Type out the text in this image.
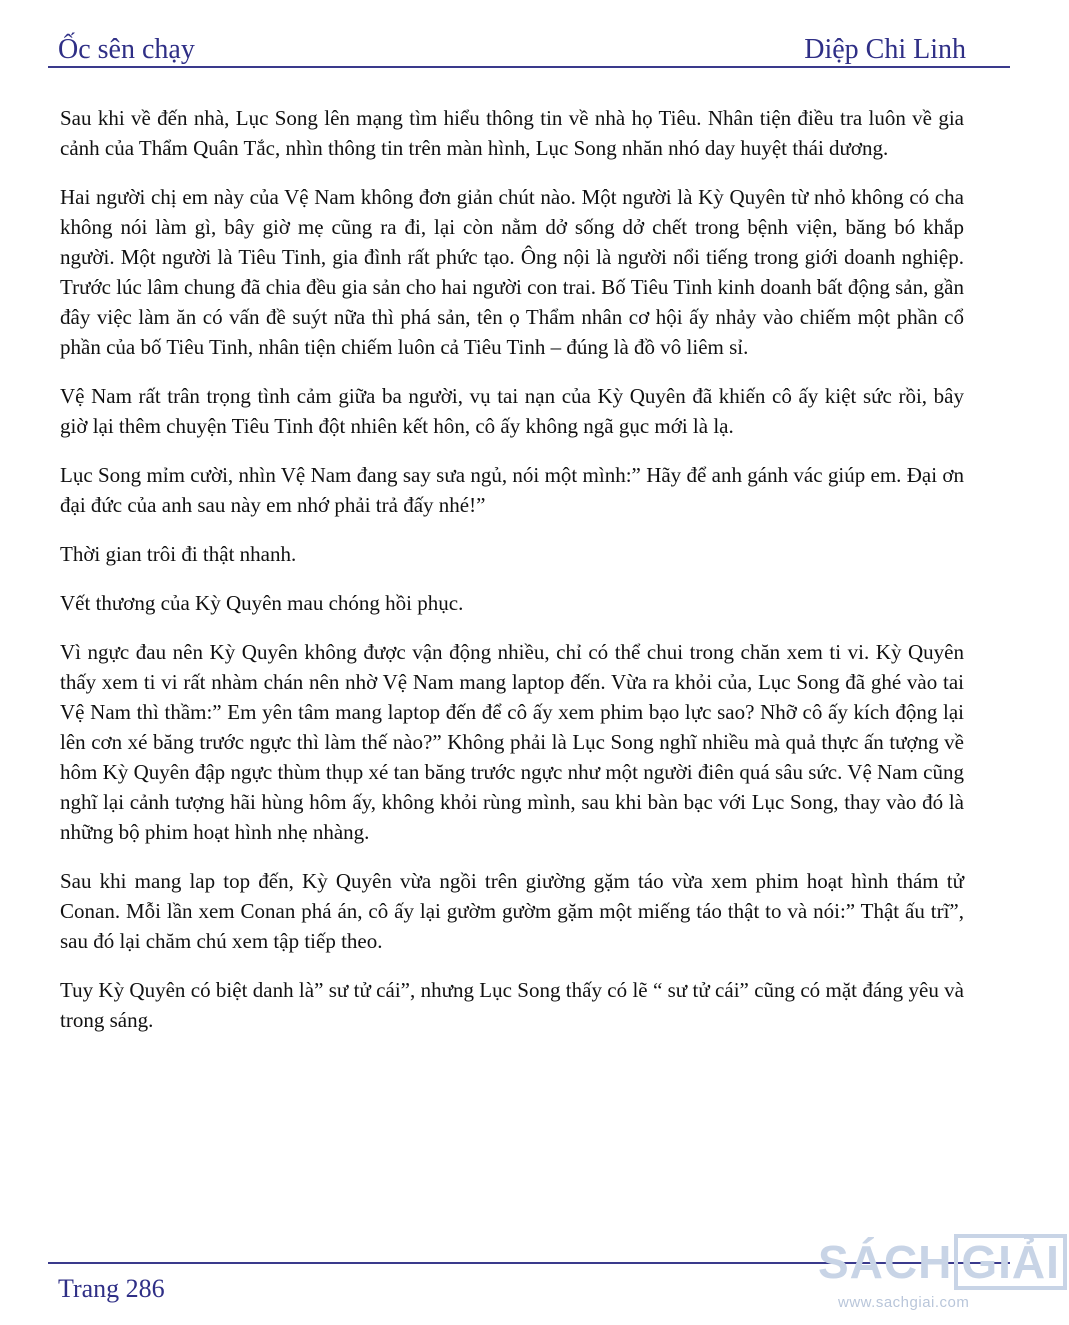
Ốc sên chạy	Diệp Chi Linh

Sau khi về đến nhà, Lục Song lên mạng tìm hiểu thông tin về nhà họ Tiêu. Nhân tiện điều tra luôn về gia cảnh của Thẩm Quân Tắc, nhìn thông tin trên màn hình, Lục Song nhăn nhó day huyệt thái dương.

Hai người chị em này của Vệ Nam không đơn giản chút nào. Một người là Kỳ Quyên từ nhỏ không có cha không nói làm gì, bây giờ mẹ cũng ra đi, lại còn nằm dở sống dở chết trong bệnh viện, băng bó khắp người. Một người là Tiêu Tinh, gia đình rất phức tạo. Ông nội là người nổi tiếng trong giới doanh nghiệp. Trước lúc lâm chung đã chia đều gia sản cho hai người con trai. Bố Tiêu Tinh kinh doanh bất động sản, gần đây việc làm ăn có vấn đề suýt nữa thì phá sản, tên ọ Thẩm nhân cơ hội ấy nhảy vào chiếm một phần cổ phần của bố Tiêu Tinh, nhân tiện chiếm luôn cả Tiêu Tinh – đúng là đồ vô liêm sỉ.

Vệ Nam rất trân trọng tình cảm giữa ba người, vụ tai nạn của Kỳ Quyên đã khiến cô ấy kiệt sức rồi, bây giờ lại thêm chuyện Tiêu Tinh đột nhiên kết hôn, cô ấy không ngã gục mới là lạ.

Lục Song mỉm cười, nhìn Vệ Nam đang say sưa ngủ, nói một mình:” Hãy để anh gánh vác giúp em. Đại ơn đại đức của anh sau này em nhớ phải trả đấy nhé!”

Thời gian trôi đi thật nhanh.

Vết thương của Kỳ Quyên mau chóng hồi phục.

Vì ngực đau nên Kỳ Quyên không được vận động nhiều, chỉ có thể chui trong chăn xem ti vi. Kỳ Quyên thấy xem ti vi rất nhàm chán nên nhờ Vệ Nam mang laptop đến. Vừa ra khỏi của, Lục Song đã ghé vào tai Vệ Nam thì thầm:” Em yên tâm mang laptop đến để cô ấy xem phim bạo lực sao? Nhỡ cô ấy kích động lại lên cơn xé băng trước ngực thì làm thế nào?” Không phải là Lục Song nghĩ nhiều mà quả thực ấn tượng về hôm Kỳ Quyên đập ngực thùm thụp xé tan băng trước ngực như một người điên quá sâu sức. Vệ Nam cũng nghĩ lại cảnh tượng hãi hùng hôm ấy, không khỏi rùng mình, sau khi bàn bạc với Lục Song, thay vào đó là những bộ phim hoạt hình nhẹ nhàng.

Sau khi mang lap top đến, Kỳ Quyên vừa ngồi trên giường gặm táo vừa xem phim hoạt hình thám tử Conan. Mỗi lần xem Conan phá án, cô ấy lại gườm gườm gặm một miếng táo thật to và nói:” Thật ấu trĩ”, sau đó lại chăm chú xem tập tiếp theo.

Tuy Kỳ Quyên có biệt danh là” sư tử cái”, nhưng Lục Song thấy có lẽ “ sư tử cái” cũng có mặt đáng yêu và trong sáng.

Trang 286
SÁCH GIẢI
www.sachgiai.com
